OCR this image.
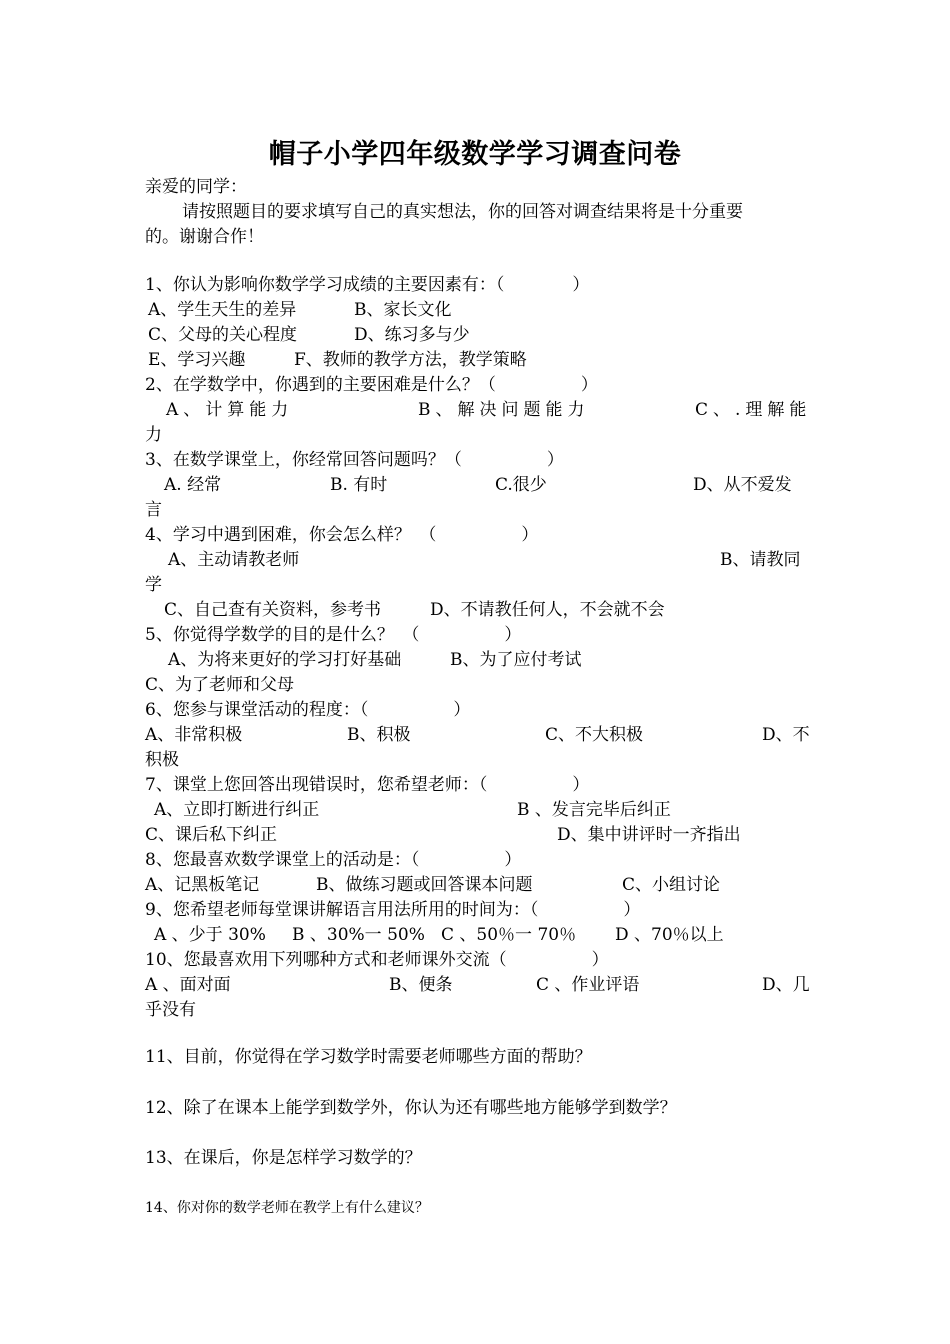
帽子小学四年级数学学习调查问卷
亲爱的同学：
请按照题目的要求填写自己的真实想法，你的回答对调查结果将是十分重要
的。谢谢合作！
1、你认为影响你数学学习成绩的主要因素有：（　　　　）
A、学生天生的差异	B、家长文化
C、父母的关心程度	D、练习多与少
E、学习兴趣	F、教师的教学方法，教学策略
2、在学数学中，你遇到的主要困难是什么？（　　　　　）
A、计算能力	B、解决问题能力	C、.理解能
力
3、在数学课堂上，你经常回答问题吗？（　　　　　）
A. 经常	B. 有时	C.很少	D、从不爱发
言
4、学习中遇到困难，你会怎么样？　（　　　　　）
A、主动请教老师	B、请教同
学
C、自己查有关资料，参考书	D、不请教任何人，不会就不会
5、你觉得学数学的目的是什么？　（　　　　　）
A、为将来更好的学习打好基础	B、为了应付考试
C、为了老师和父母
6、您参与课堂活动的程度：（　　　　　）
A、非常积极	B、积极	C、不大积极	D、不
积极
7、课堂上您回答出现错误时，您希望老师：（　　　　　）
A、立即打断进行纠正	B 、发言完毕后纠正
C、课后私下纠正	D、集中讲评时一齐指出
8、您最喜欢数学课堂上的活动是：（　　　　　）
A、记黑板笔记	B、做练习题或回答课本问题	C、小组讨论
9、您希望老师每堂课讲解语言用法所用的时间为：（　　　　　）
A 、少于 30% B 、30%一 50% C 、50％一 70％ D 、70％以上
10、您最喜欢用下列哪种方式和老师课外交流（　　　　　）
A 、面对面	B、便条	C 、作业评语	D、几
乎没有
11、目前，你觉得在学习数学时需要老师哪些方面的帮助？
12、除了在课本上能学到数学外，你认为还有哪些地方能够学到数学？
13、在课后，你是怎样学习数学的？
14、你对你的数学老师在教学上有什么建议？
